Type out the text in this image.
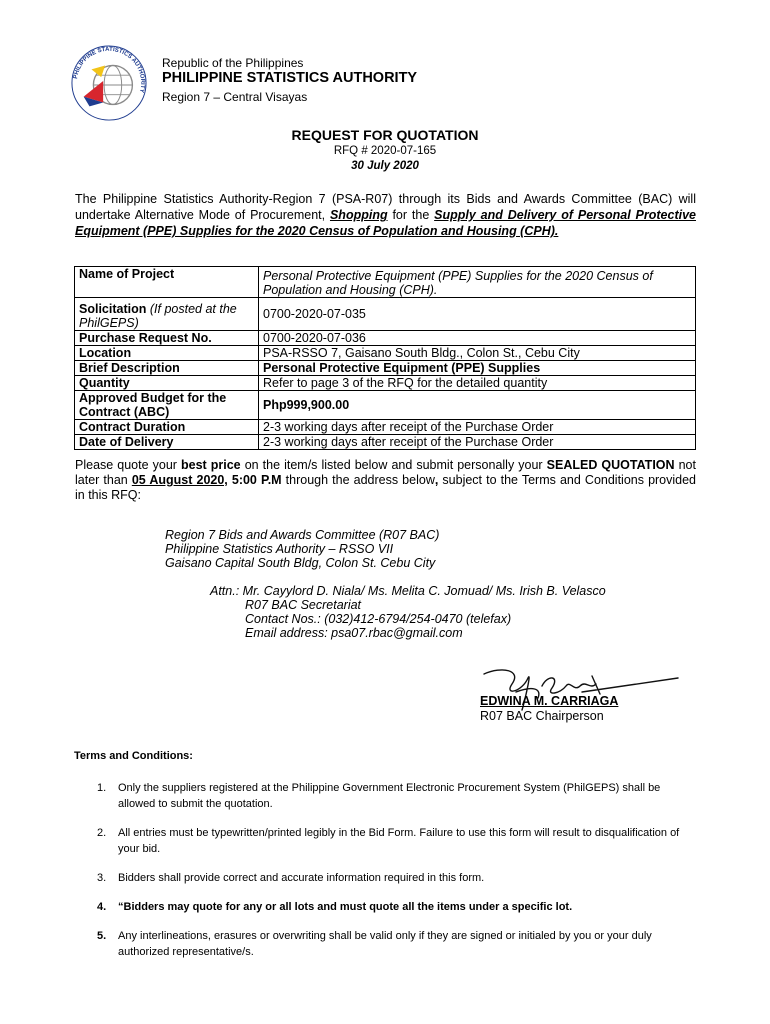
PHILIPPINE STATISTICS AUTHORITY
Republic of the Philippines
PHILIPPINE STATISTICS AUTHORITY
Region 7 – Central Visayas
REQUEST FOR QUOTATION
RFQ # 2020-07-165
30 July 2020
The Philippine Statistics Authority-Region 7 (PSA-R07) through its Bids and Awards Committee (BAC) will undertake Alternative Mode of Procurement, Shopping for the Supply and Delivery of Personal Protective Equipment (PPE) Supplies for the 2020 Census of Population and Housing (CPH).
Name of Project	Personal Protective Equipment (PPE) Supplies for the 2020 Census of Population and Housing (CPH).
Solicitation (If posted at the PhilGEPS)	0700-2020-07-035
Purchase Request No.	0700-2020-07-036
Location	PSA-RSSO 7, Gaisano South Bldg., Colon St., Cebu City
Brief Description	Personal Protective Equipment (PPE) Supplies
Quantity	Refer to page 3 of the RFQ for the detailed quantity
Approved Budget for the Contract (ABC)	Php999,900.00
Contract Duration	2-3 working days after receipt of the Purchase Order
Date of Delivery	2-3 working days after receipt of the Purchase Order
Please quote your best price on the item/s listed below and submit personally your SEALED QUOTATION not later than 05 August 2020, 5:00 P.M through the address below, subject to the Terms and Conditions provided in this RFQ:
Region 7 Bids and Awards Committee (R07 BAC)
Philippine Statistics Authority – RSSO VII
Gaisano Capital South Bldg, Colon St. Cebu City
Attn.: Mr. Cayylord D. Niala/ Ms. Melita C. Jomuad/ Ms. Irish B. Velasco
R07 BAC Secretariat
Contact Nos.: (032)412-6794/254-0470 (telefax)
Email address: psa07.rbac@gmail.com
EDWINA M. CARRIAGA
R07 BAC Chairperson
Terms and Conditions:
1. Only the suppliers registered at the Philippine Government Electronic Procurement System (PhilGEPS) shall be allowed to submit the quotation.
2. All entries must be typewritten/printed legibly in the Bid Form. Failure to use this form will result to disqualification of your bid.
3. Bidders shall provide correct and accurate information required in this form.
4. “Bidders may quote for any or all lots and must quote all the items under a specific lot.
5. Any interlineations, erasures or overwriting shall be valid only if they are signed or initialed by you or your duly authorized representative/s.
